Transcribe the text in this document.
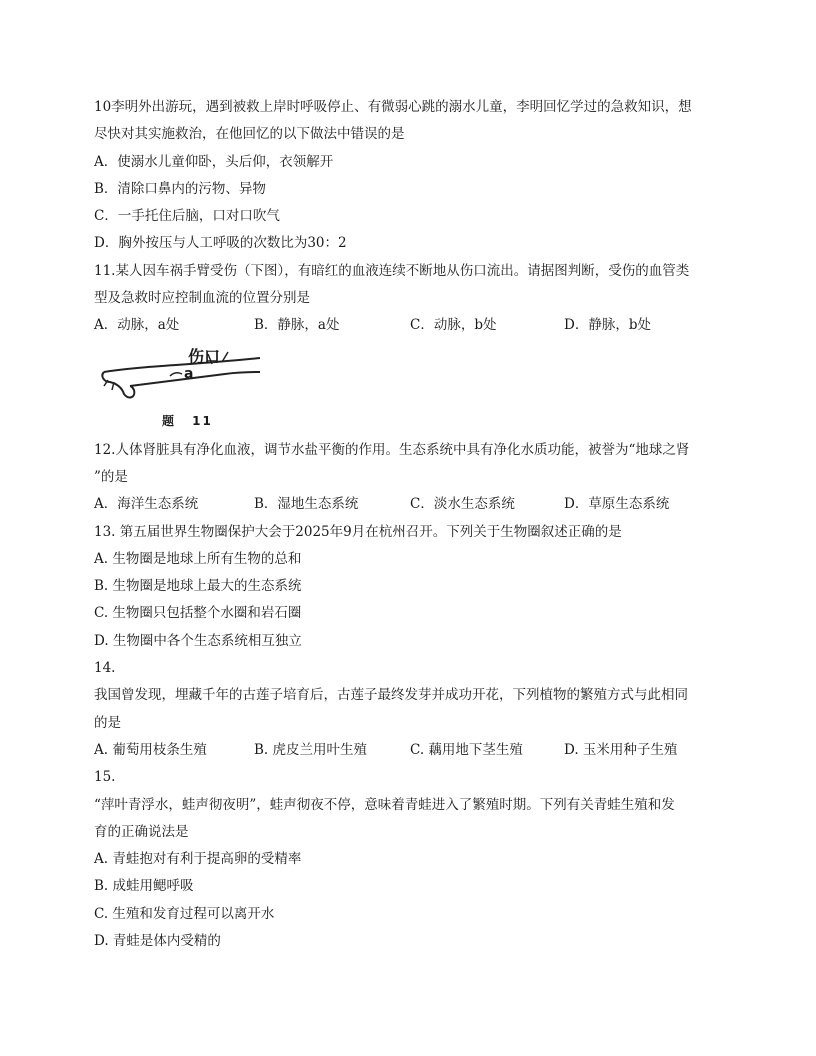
10李明外出游玩，遇到被救上岸时呼吸停止、有微弱心跳的溺水儿童，李明回忆学过的急救知识，想
尽快对其实施救治，在他回忆的以下做法中错误的是
A．使溺水儿童仰卧，头后仰，衣领解开
B．清除口鼻内的污物、异物
C．一手托住后脑，口对口吹气
D．胸外按压与人工呼吸的次数比为30：2
11.某人因车祸手臂受伤（下图），有暗红的血液连续不断地从伤口流出。请据图判断，受伤的血管类
型及急救时应控制血流的位置分别是
A．动脉，a处	B．静脉，a处	C．动脉，b处	D．静脉，b处
伤口
a
题 11
12.人体肾脏具有净化血液，调节水盐平衡的作用。生态系统中具有净化水质功能，被誉为“地球之肾
”的是
A．海洋生态系统	B．湿地生态系统	C．淡水生态系统	D．草原生态系统
13. 第五届世界生物圈保护大会于2025年9月在杭州召开。下列关于生物圈叙述正确的是
A. 生物圈是地球上所有生物的总和
B. 生物圈是地球上最大的生态系统
C. 生物圈只包括整个水圈和岩石圈
D. 生物圈中各个生态系统相互独立
14.
我国曾发现，埋藏千年的古莲子培育后，古莲子最终发芽并成功开花，下列植物的繁殖方式与此相同
的是
A. 葡萄用枝条生殖	B. 虎皮兰用叶生殖	C. 藕用地下茎生殖	D. 玉米用种子生殖
15.
“萍叶青浮水，蛙声彻夜明”，蛙声彻夜不停，意味着青蛙进入了繁殖时期。下列有关青蛙生殖和发
育的正确说法是
A. 青蛙抱对有利于提高卵的受精率
B. 成蛙用鳃呼吸
C. 生殖和发育过程可以离开水
D. 青蛙是体内受精的
